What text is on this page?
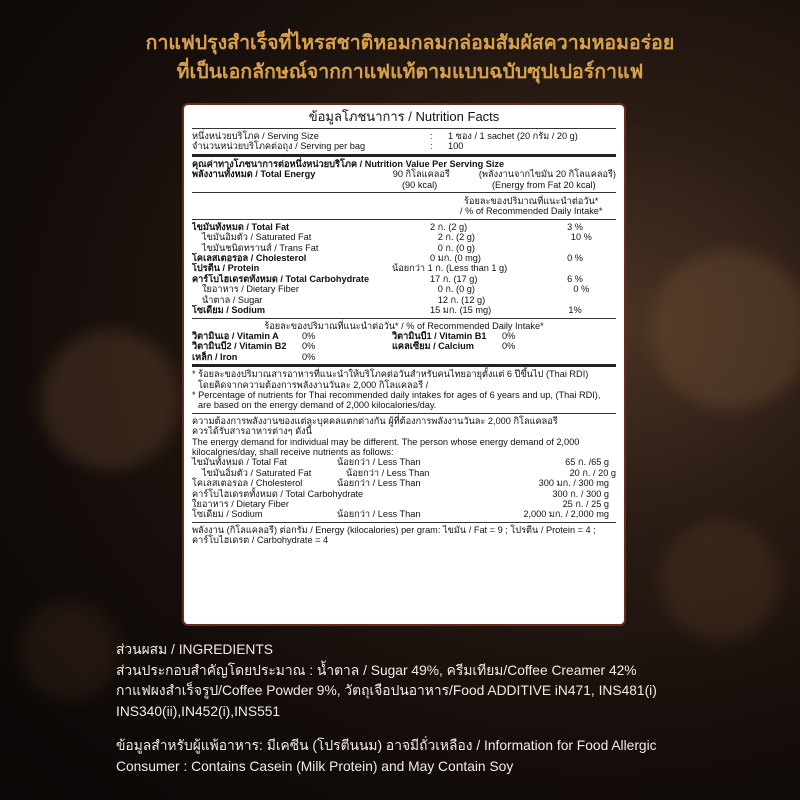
กาแฟปรุงสำเร็จที่ไหรสชาติหอมกลมกล่อมสัมผัสความหอมอร่อย
ที่เป็นเอกลักษณ์จากกาแฟแท้ตามแบบฉบับซุปเปอร์กาแฟ
ข้อมูลโภชนาการ / Nutrition Facts
หนึ่งหน่วยบริโภค / Serving Size	:	1 ซอง / 1 sachet (20 กรัม / 20 g)
จำนวนหน่วยบริโภคต่อถุง / Serving per bag	:	100
คุณค่าทางโภชนาการต่อหนึ่งหน่วยบริโภค / Nutrition Value Per Serving Size
พลังงานทั้งหมด / Total Energy	90 กิโลแคลอรี	(พลังงานจากไขมัน 20 กิโลแคลอรี)
(90 kcal)	(Energy from Fat 20 kcal)
ร้อยละของปริมาณที่แนะนำต่อวัน*
/ % of Recommended Daily Intake*
ไขมันทั้งหมด / Total Fat	2 ก. (2 g)	3 %
ไขมันอิ่มตัว / Saturated Fat	2 ก. (2 g)	10 %
ไขมันชนิดทรานส์ / Trans Fat	0 ก. (0 g)
โคเลสเตอรอล / Cholesterol	0 มก. (0 mg)	0 %
โปรตีน / Protein	น้อยกว่า 1 ก. (Less than 1 g)
คาร์โบไฮเดรตทั้งหมด / Total Carbohydrate	17 ก. (17 g)	6 %
ใยอาหาร / Dietary Fiber	0 ก. (0 g)	0 %
น้ำตาล / Sugar	12 ก. (12 g)
โซเดียม / Sodium	15 มก. (15 mg)	1%
ร้อยละของปริมาณที่แนะนำต่อวัน* / % of Recommended Daily Intake*
วิตามินเอ / Vitamin A	0%	วิตามินบี1 / Vitamin B1	0%
วิตามินบี2 / Vitamin B2	0%	แคลเซียม / Calcium	0%
เหล็ก / Iron	0%
* ร้อยละของปริมาณสารอาหารที่แนะนำให้บริโภคต่อวันสำหรับคนไทยอายุตั้งแต่ 6 ปีขึ้นไป (Thai RDI)
โดยคิดจากความต้องการพลังงานวันละ 2,000 กิโลแคลอรี /
* Percentage of nutrients for Thai recommended daily intakes for ages of 6 years and up, (Thai RDI),
are based on the energy demand of 2,000 kilocalories/day.
ความต้องการพลังงานของแต่ละบุคคลแตกต่างกัน ผู้ที่ต้องการพลังงานวันละ 2,000 กิโลแคลอรี
ควรได้รับสารอาหารต่างๆ ดังนี้
The energy demand for individual may be different. The person whose energy demand of 2,000
kilocalories/day, shall receive nutrients as follows:
ไขมันทั้งหมด / Total Fat	น้อยกว่า / Less Than	65 ก. /65 g
ไขมันอิ่มตัว / Saturated Fat	น้อยกว่า / Less Than	20 ก. / 20 g
โคเลสเตอรอล / Cholesterol	น้อยกว่า / Less Than	300 มก. / 300 mg
คาร์โบไฮเดรตทั้งหมด / Total Carbohydrate	300 ก. / 300 g
ใยอาหาร / Dietary Fiber	25 ก. / 25 g
โซเดียม / Sodium	น้อยกว่า / Less Than	2,000 มก. / 2,000 mg
พลังงาน (กิโลแคลอรี) ต่อกรัม / Energy (kilocalories) per gram: ไขมัน / Fat = 9 ; โปรตีน / Protein = 4 ;
คาร์โบไฮเดรต / Carbohydrate = 4
ส่วนผสม / INGREDIENTS
ส่วนประกอบสำคัญโดยประมาณ : น้ำตาล / Sugar 49%, ครีมเทียม/Coffee Creamer 42%
กาแฟผงสำเร็จรูป/Coffee Powder 9%, วัตถุเจือปนอาหาร/Food ADDITIVE iN471, INS481(i)
INS340(ii),IN452(i),INS551
ข้อมูลสำหรับผู้แพ้อาหาร: มีเคซีน (โปรตีนนม) อาจมีถั่วเหลือง / Information for Food Allergic
Consumer : Contains Casein (Milk Protein) and May Contain Soy
